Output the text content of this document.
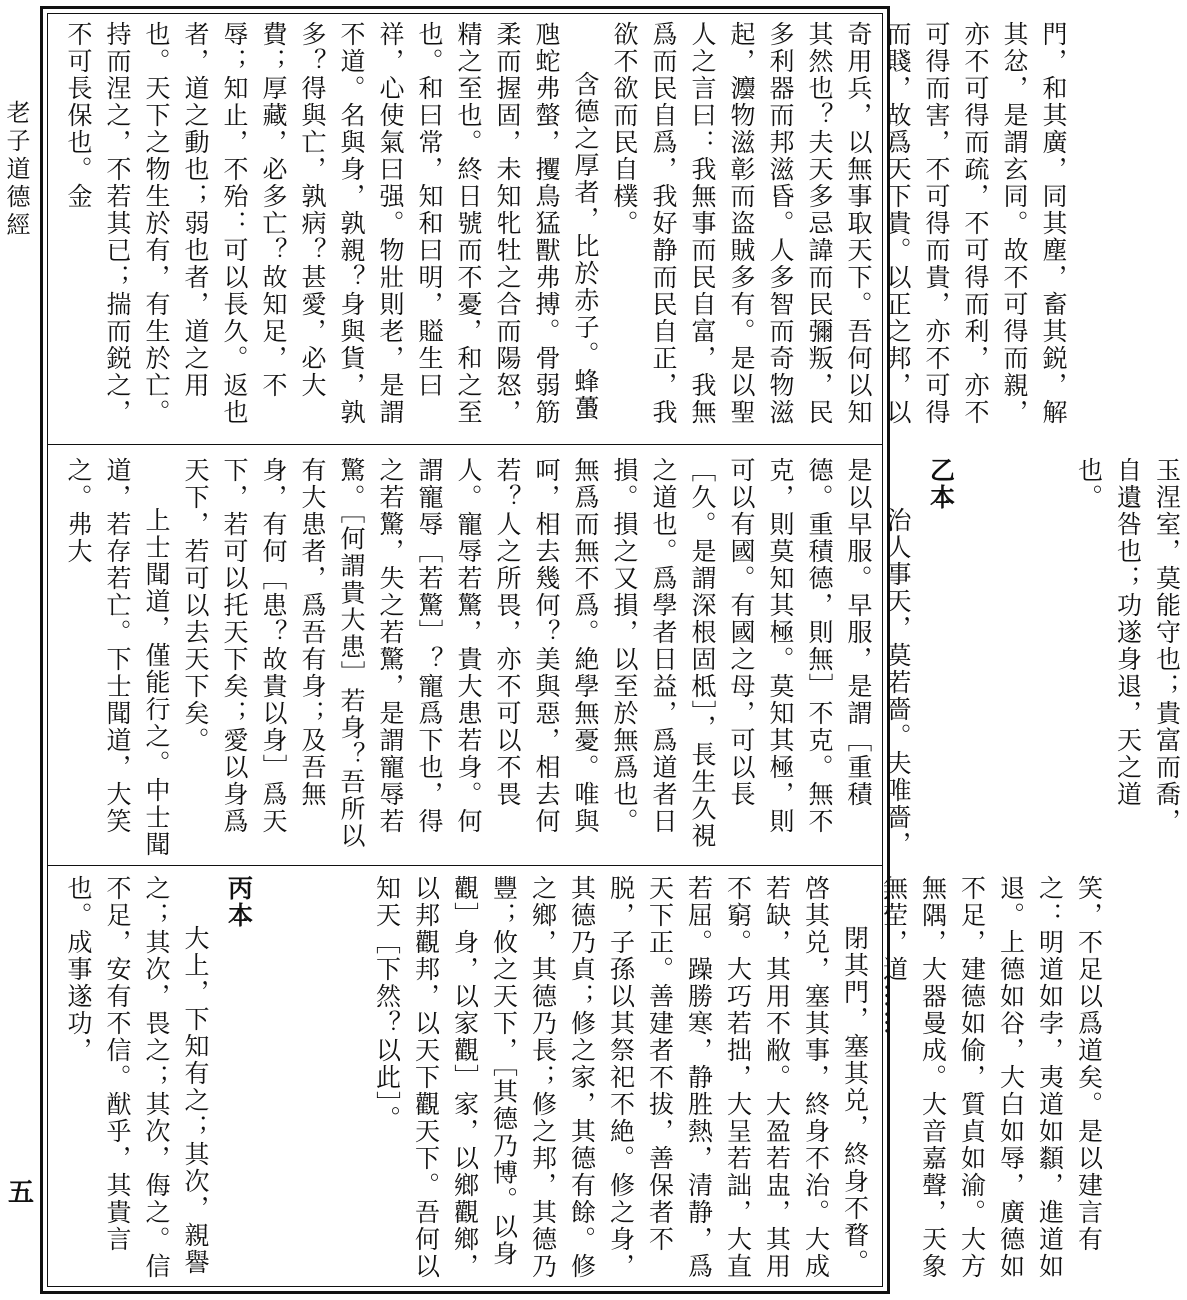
老子道德經
五

門，和其廣，同其塵，畜其鋭，解其忿，是謂玄同。故不可得而親，亦不可得而疏，不可得而利，亦不可得而害，不可得而貴，亦不可得而賤，故爲天下貴。以正之邦，以奇用兵，以無事取天下。吾何以知其然也？夫天多忌諱而民彌叛，民多利器而邦滋昏。人多智而奇物滋起，灋物滋彰而盗賊多有。是以聖人之言曰：我無事而民自富，我無爲而民自爲，我好静而民自正，我欲不欲而民自樸。

含德之厚者，比於赤子。蜂蠆虺蛇弗螫，攫鳥猛獸弗搏。骨弱筋柔而握固，未知牝牡之合而陽怒，精之至也。終日號而不憂，和之至也。和曰常，知和曰明，賹生曰祥，心使氣曰强。物壯則老，是謂不道。名與身，孰親？身與貨，孰多？得與亡，孰病？甚愛，必大費；厚藏，必多亡？故知足，不辱；知止，不殆：可以長久。返也者，道之動也；弱也者，道之用也。天下之物生於有，有生於亡。持而涅之，不若其已；揣而鋭之，不可長保也。金

玉涅室，莫能守也；貴富而喬，自遺咎也；功遂身退，天之道也。

乙本

治人事天，莫若嗇。夫唯嗇，是以早服。早服，是謂［重積德。重積德，則無］不克。無不克，則莫知其極。莫知其極，則可以有國。有國之母，可以長［久。是謂深根固柢］，長生久視之道也。爲學者日益，爲道者日損。損之又損，以至於無爲也。無爲而無不爲。絶學無憂。唯與呵，相去幾何？美與惡，相去何若？人之所畏，亦不可以不畏人。寵辱若驚，貴大患若身。何謂寵辱［若驚］？寵爲下也，得之若驚，失之若驚，是謂寵辱若驚。［何謂貴大患］若身？吾所以有大患者，爲吾有身；及吾無身，有何［患？故貴以身］爲天下，若可以托天下矣；愛以身爲天下，若可以去天下矣。

上士聞道，僅能行之。中士聞道，若存若亡。下士聞道，大笑之。弗大

笑，不足以爲道矣。是以建言有之：明道如孛，夷道如纇，進道如退。上德如谷，大白如辱，廣德如不足，建德如偷，質貞如渝。大方無隅，大器曼成。大音嘉聲，天象無茔，道……

閉其門，塞其兑，終身不瞀。啓其兑，塞其事，終身不治。大成若缺，其用不敝。大盈若盅，其用不窮。大巧若拙，大呈若詘，大直若屈。躁勝寒，静胜熱，清静，爲天下正。善建者不拔，善保者不脱，子孫以其祭祀不絶。修之身，其德乃貞；修之家，其德有餘。修之鄉，其德乃長；修之邦，其德乃豐；攸之天下，［其德乃博。以身觀］身，以家觀］家，以鄉觀鄉，以邦觀邦，以天下觀天下。吾何以知天［下然？以此］。

丙本

大上，下知有之；其次，親譽之；其次，畏之；其次，侮之。信不足，安有不信。猷乎，其貴言也。成事遂功，
